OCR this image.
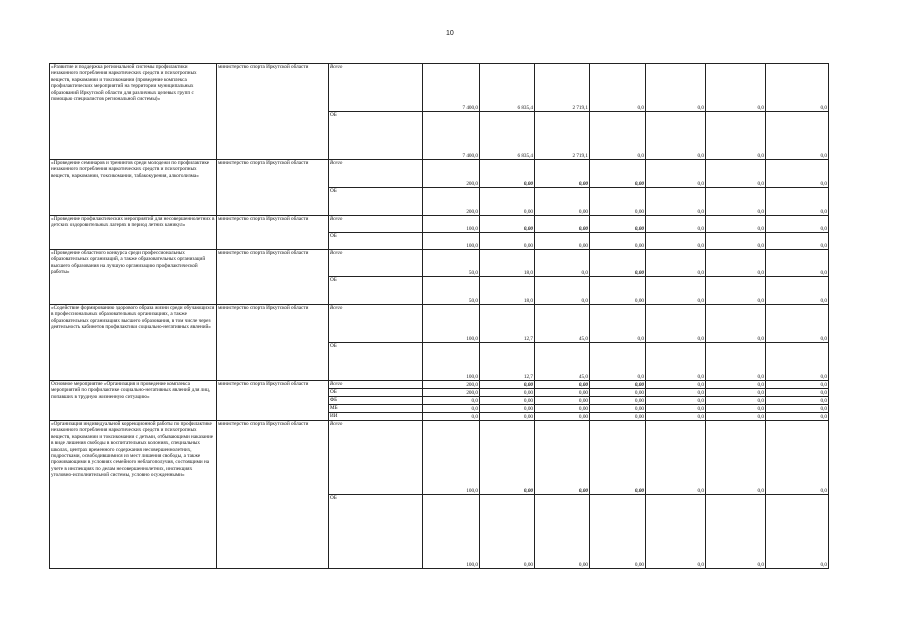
10
«Развитие и поддержка региональной системы профилактики незаконного потребления наркотических средств и психотропных веществ, наркомании и токсикомании (проведение комплекса профилактических мероприятий на территории муниципальных образований Иркутской области для различных целевых групп с помощью специалистов региональной системы)»	министерство спорта Иркутской области	Всего	7 400,0	6 835,4	2 719,1	0,0	0,0	0,0	0,0
		ОБ	7 400,0	6 835,4	2 719,1	0,0	0,0	0,0	0,0
«Проведение семинаров и тренингов среди молодежи по профилактике незаконного потребления наркотических средств и психотропных веществ, наркомании, токсикомании, табакокурения, алкоголизма»	министерство спорта Иркутской области	Всего	200,0	0,00	0,00	0,00	0,0	0,0	0,0
		ОБ	200,0	0,00	0,00	0,00	0,0	0,0	0,0
«Проведение профилактических мероприятий для несовершеннолетних в детских оздоровительных лагерях в период летних каникул»	министерство спорта Иркутской области	Всего	100,0	0,00	0,00	0,00	0,0	0,0	0,0
		ОБ	100,0	0,00	0,00	0,00	0,0	0,0	0,0
«Проведение областного конкурса среди профессиональных образовательных организаций, а также образовательных организаций высшего образования на лучшую организацию профилактической работы»	министерство спорта Иркутской области	Всего	50,0	18,0	0,0	0,00	0,0	0,0	0,0
		ОБ	50,0	18,0	0,0	0,00	0,0	0,0	0,0
«Содействие формированию здорового образа жизни среди обучающихся в профессиональных образовательных организациях, а также образовательных организациях высшего образования, в том числе через деятельность кабинетов профилактики социально-негативных явлений»	министерство спорта Иркутской области	Всего	100,0	12,7	45,0	0,0	0,0	0,0	0,0
		ОБ	100,0	12,7	45,0	0,0	0,0	0,0	0,0
Основное мероприятие «Организация и проведение комплекса мероприятий по профилактике социально-негативных явлений для лиц, попавших в трудную жизненную ситуацию»	министерство спорта Иркутской области	Всего	200,0	0,00	0,00	0,00	0,0	0,0	0,0
		ОБ	200,0	0,00	0,00	0,00	0,0	0,0	0,0
		ФБ	0,0	0,00	0,00	0,00	0,0	0,0	0,0
		МБ	0,0	0,00	0,00	0,00	0,0	0,0	0,0
		ИИ	0,0	0,00	0,00	0,00	0,0	0,0	0,0
«Организация индивидуальной коррекционной работы по профилактике незаконного потребления наркотических средств и психотропных веществ, наркомании и токсикомании с детьми, отбывающими наказание в виде лишения свободы в воспитательных колониях, специальных школах, центрах временного содержания несовершеннолетних, подростками, освободившимися из мест лишения свободы, а также проживающими в условиях семейного неблагополучия, состоящими на учете в инспекциях по делам несовершеннолетних, инспекциях уголовно-исполнительной системы, условно осужденными»	министерство спорта Иркутской области	Всего	100,0	0,00	0,00	0,00	0,0	0,0	0,0
		ОБ	100,0	0,00	0,00	0,00	0,0	0,0	0,0
